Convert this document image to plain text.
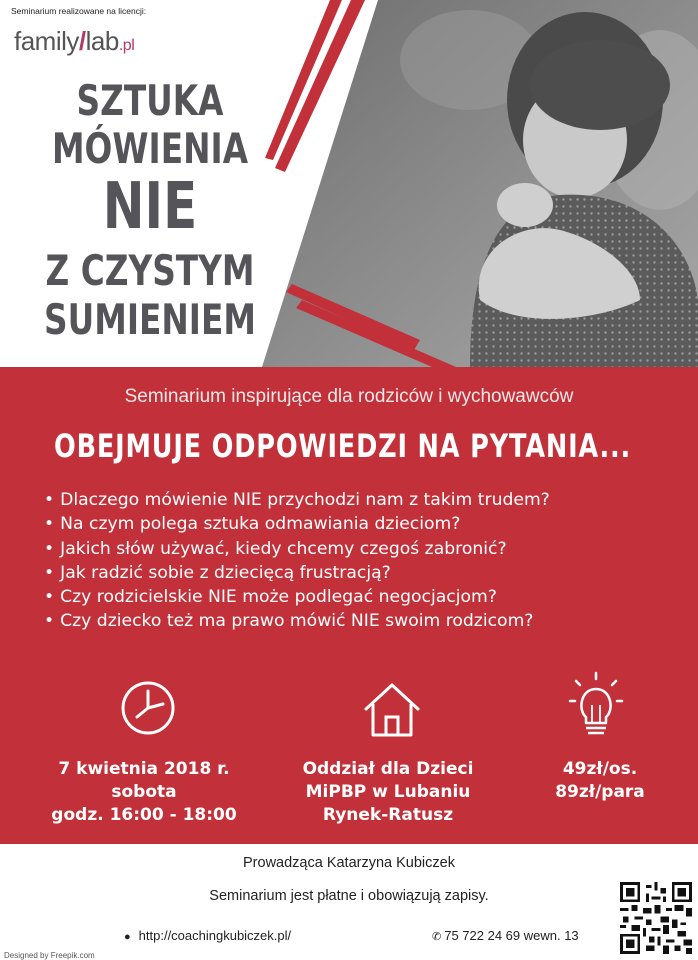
Seminarium realizowane na licencji:
family/lab.pl
SZTUKA
MÓWIENIA
NIE
Z CZYSTYM
SUMIENIEM
Seminarium inspirujące dla rodziców i wychowawców
OBEJMUJE ODPOWIEDZI NA PYTANIA...
• Dlaczego mówienie NIE przychodzi nam z takim trudem?
• Na czym polega sztuka odmawiania dzieciom?
• Jakich słów używać, kiedy chcemy czegoś zabronić?
• Jak radzić sobie z dziecięcą frustracją?
• Czy rodzicielskie NIE może podlegać negocjacjom?
• Czy dziecko też ma prawo mówić NIE swoim rodzicom?
7 kwietnia 2018 r.
sobota
godz. 16:00 - 18:00
Oddział dla Dzieci
MiPBP w Lubaniu
Rynek-Ratusz
49zł/os.
89zł/para
Prowadząca Katarzyna Kubiczek
Seminarium jest płatne i obowiązują zapisy.
● http://coachingkubiczek.pl/	✆ 75 722 24 69 wewn. 13
Designed by Freepik.com
